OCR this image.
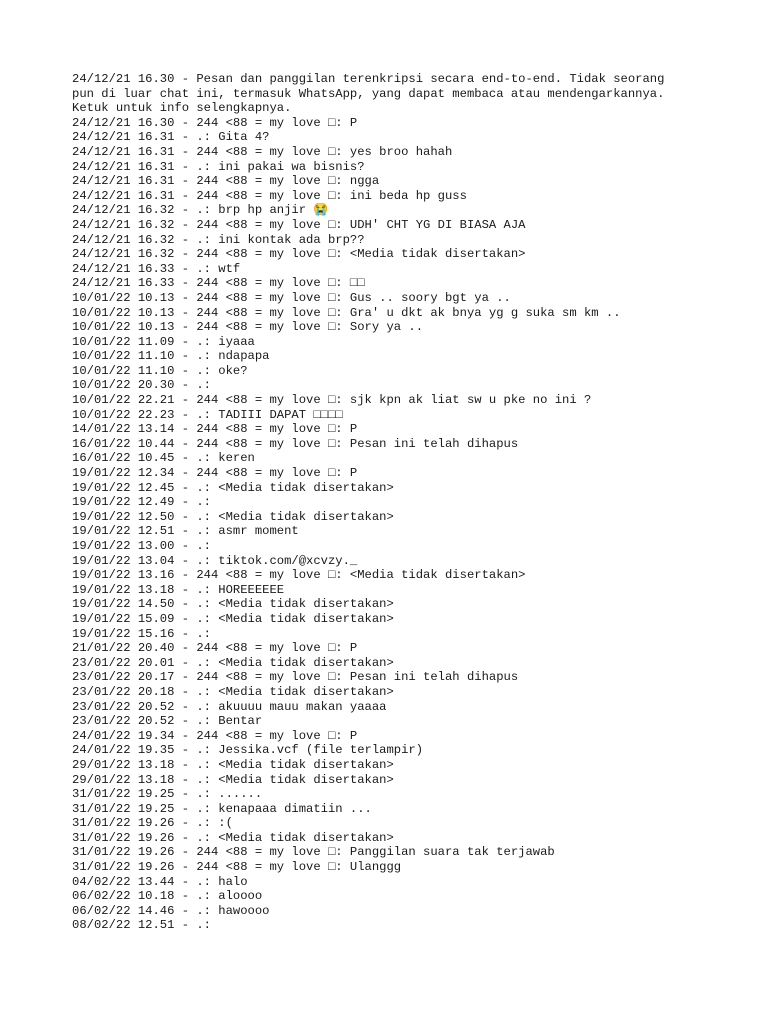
24/12/21 16.30 - Pesan dan panggilan terenkripsi secara end-to-end. Tidak seorang
pun di luar chat ini, termasuk WhatsApp, yang dapat membaca atau mendengarkannya.
Ketuk untuk info selengkapnya.
24/12/21 16.30 - 244 <88 = my love □: P
24/12/21 16.31 - .: Gita 4?
24/12/21 16.31 - 244 <88 = my love □: yes broo hahah
24/12/21 16.31 - .: ini pakai wa bisnis?
24/12/21 16.31 - 244 <88 = my love □: ngga
24/12/21 16.31 - 244 <88 = my love □: ini beda hp guss
24/12/21 16.32 - .: brp hp anjir 😭
24/12/21 16.32 - 244 <88 = my love □: UDH' CHT YG DI BIASA AJA
24/12/21 16.32 - .: ini kontak ada brp??
24/12/21 16.32 - 244 <88 = my love □: <Media tidak disertakan>
24/12/21 16.33 - .: wtf
24/12/21 16.33 - 244 <88 = my love □: □□
10/01/22 10.13 - 244 <88 = my love □: Gus .. soory bgt ya ..
10/01/22 10.13 - 244 <88 = my love □: Gra' u dkt ak bnya yg g suka sm km ..
10/01/22 10.13 - 244 <88 = my love □: Sory ya ..
10/01/22 11.09 - .: iyaaa
10/01/22 11.10 - .: ndapapa
10/01/22 11.10 - .: oke?
10/01/22 20.30 - .:
10/01/22 22.21 - 244 <88 = my love □: sjk kpn ak liat sw u pke no ini ?
10/01/22 22.23 - .: TADIII DAPAT □□□□
14/01/22 13.14 - 244 <88 = my love □: P
16/01/22 10.44 - 244 <88 = my love □: Pesan ini telah dihapus
16/01/22 10.45 - .: keren
19/01/22 12.34 - 244 <88 = my love □: P
19/01/22 12.45 - .: <Media tidak disertakan>
19/01/22 12.49 - .:
19/01/22 12.50 - .: <Media tidak disertakan>
19/01/22 12.51 - .: asmr moment
19/01/22 13.00 - .:
19/01/22 13.04 - .: tiktok.com/@xcvzy._
19/01/22 13.16 - 244 <88 = my love □: <Media tidak disertakan>
19/01/22 13.18 - .: HOREEEEEE
19/01/22 14.50 - .: <Media tidak disertakan>
19/01/22 15.09 - .: <Media tidak disertakan>
19/01/22 15.16 - .:
21/01/22 20.40 - 244 <88 = my love □: P
23/01/22 20.01 - .: <Media tidak disertakan>
23/01/22 20.17 - 244 <88 = my love □: Pesan ini telah dihapus
23/01/22 20.18 - .: <Media tidak disertakan>
23/01/22 20.52 - .: akuuuu mauu makan yaaaa
23/01/22 20.52 - .: Bentar
24/01/22 19.34 - 244 <88 = my love □: P
24/01/22 19.35 - .: Jessika.vcf (file terlampir)
29/01/22 13.18 - .: <Media tidak disertakan>
29/01/22 13.18 - .: <Media tidak disertakan>
31/01/22 19.25 - .: ......
31/01/22 19.25 - .: kenapaaa dimatiin ...
31/01/22 19.26 - .: :(
31/01/22 19.26 - .: <Media tidak disertakan>
31/01/22 19.26 - 244 <88 = my love □: Panggilan suara tak terjawab
31/01/22 19.26 - 244 <88 = my love □: Ulanggg
04/02/22 13.44 - .: halo
06/02/22 10.18 - .: aloooo
06/02/22 14.46 - .: hawoooo
08/02/22 12.51 - .:
